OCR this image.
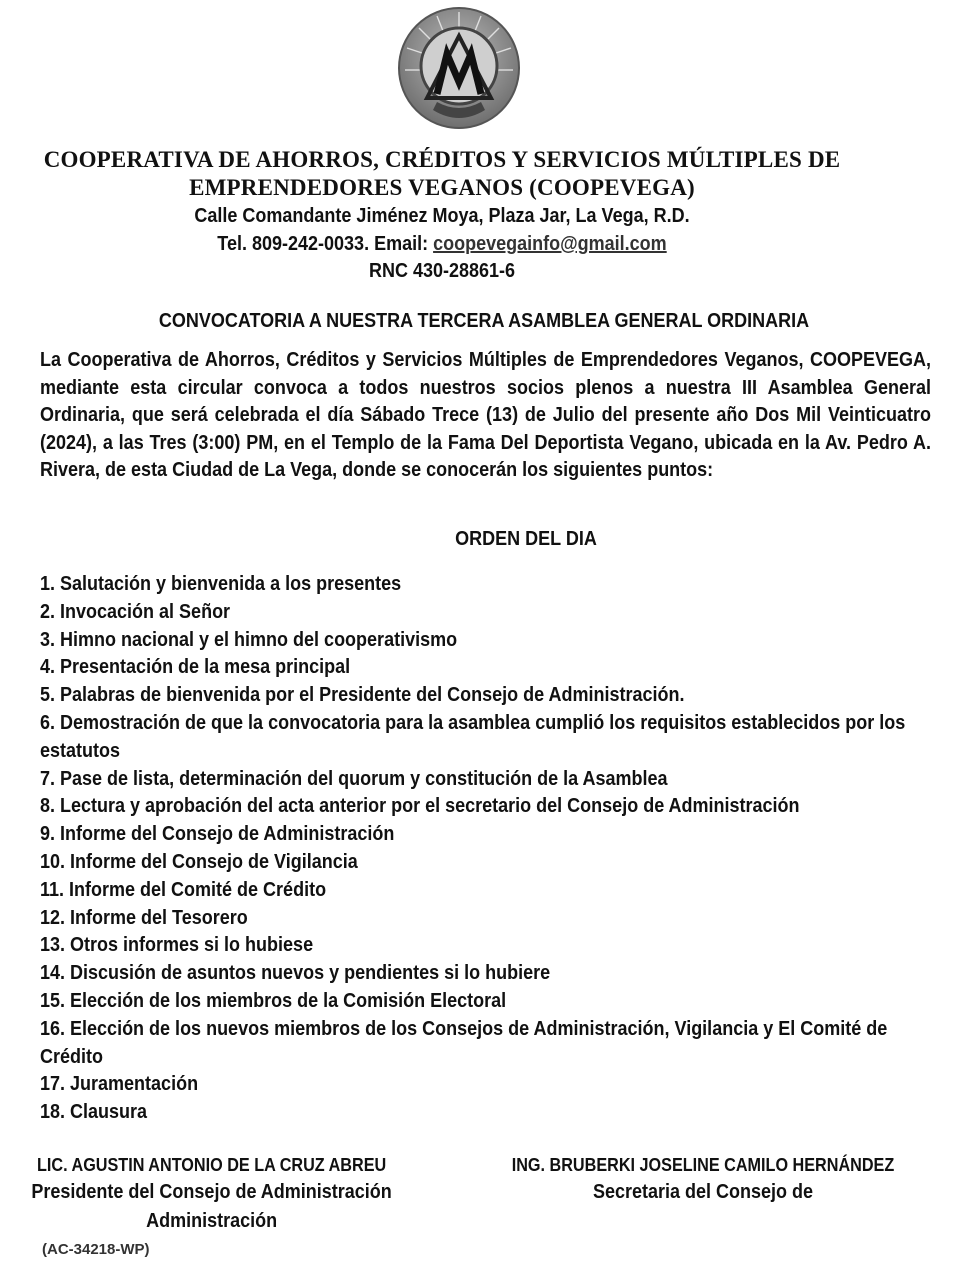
COOPERATIVA DE AHORROS, CRÉDITOS Y SERVICIOS MÚLTIPLES DE
EMPRENDEDORES VEGANOS (COOPEVEGA)
Calle Comandante Jiménez Moya, Plaza Jar, La Vega, R.D.
Tel. 809-242-0033. Email: coopevegainfo@gmail.com
RNC 430-28861-6
CONVOCATORIA A NUESTRA TERCERA ASAMBLEA GENERAL ORDINARIA
La Cooperativa de Ahorros, Créditos y Servicios Múltiples de Emprendedores Veganos, COOPEVEGA, mediante esta circular convoca a todos nuestros socios plenos a nuestra III Asamblea General Ordinaria, que será celebrada el día Sábado Trece (13) de Julio del presente año Dos Mil Veinticuatro (2024), a las Tres (3:00) PM, en el Templo de la Fama Del Deportista Vegano, ubicada en la Av. Pedro A. Rivera, de esta Ciudad de La Vega, donde se conocerán los siguientes puntos:
ORDEN DEL DIA
1. Salutación y bienvenida a los presentes
2. Invocación al Señor
3. Himno nacional y el himno del cooperativismo
4. Presentación de la mesa principal
5. Palabras de bienvenida por el Presidente del Consejo de Administración.
6. Demostración de que la convocatoria para la asamblea cumplió los requisitos establecidos por los estatutos
7. Pase de lista, determinación del quorum y constitución de la Asamblea
8. Lectura y aprobación del acta anterior por el secretario del Consejo de Administración
9. Informe del Consejo de Administración
10. Informe del Consejo de Vigilancia
11. Informe del Comité de Crédito
12. Informe del Tesorero
13. Otros informes si lo hubiese
14. Discusión de asuntos nuevos y pendientes si lo hubiere
15. Elección de los miembros de la Comisión Electoral
16. Elección de los nuevos miembros de los Consejos de Administración, Vigilancia y El Comité de Crédito
17. Juramentación
18. Clausura
LIC. AGUSTIN ANTONIO DE LA CRUZ ABREU
Presidente del Consejo de Administración
Administración
ING. BRUBERKI JOSELINE CAMILO HERNÁNDEZ
Secretaria del Consejo de
(AC-34218-WP)
